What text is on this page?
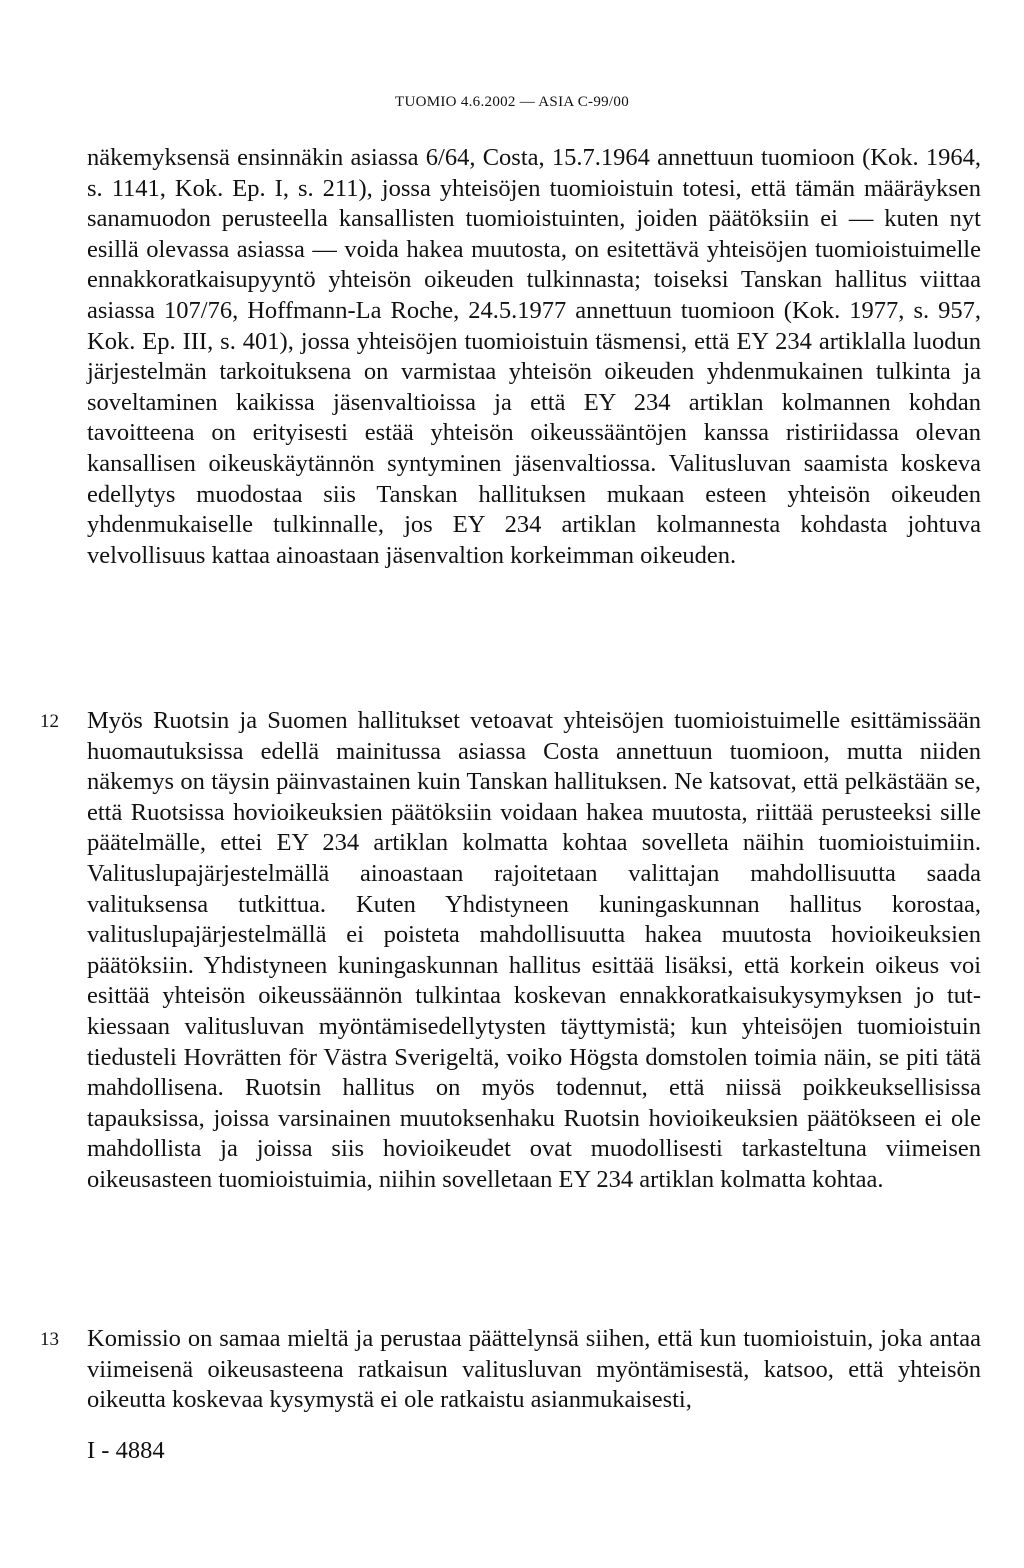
TUOMIO 4.6.2002 — ASIA C-99/00

näkemyksensä ensinnäkin asiassa 6/64, Costa, 15.7.1964 annettuun tuomioon (Kok. 1964, s. 1141, Kok. Ep. I, s. 211), jossa yhteisöjen tuomioistuin totesi, että tämän määräyksen sanamuodon perusteella kansallisten tuomioistuinten, joiden päätöksiin ei — kuten nyt esillä olevassa asiassa — voida hakea muutosta, on esitettävä yhteisöjen tuomioistuimelle ennakkoratkaisupyyntö yhteisön oikeuden tulkinnasta; toiseksi Tanskan hallitus viittaa asiassa 107/76, Hoffmann-La Roche, 24.5.1977 annettuun tuomioon (Kok. 1977, s. 957, Kok. Ep. III, s. 401), jossa yhteisöjen tuomioistuin täsmensi, että EY 234 artiklalla luodun järjestelmän tarkoituksena on varmistaa yhteisön oikeuden yhdenmukainen tulkinta ja soveltaminen kaikissa jäsenvaltioissa ja että EY 234 artiklan kolmannen kohdan tavoitteena on erityisesti estää yhteisön oikeussääntöjen kanssa ristiriidassa olevan kansallisen oikeuskäytännön syntyminen jäsenvaltiossa. Valitusluvan saamista koskeva edellytys muodostaa siis Tanskan hallituksen mukaan esteen yhteisön oikeuden yhdenmukaiselle tulkinnalle, jos EY 234 artiklan kolmannesta kohdasta johtuva velvollisuus kattaa ainoastaan jäsenvaltion korkeimman oikeuden.

12 Myös Ruotsin ja Suomen hallitukset vetoavat yhteisöjen tuomioistuimelle esittämissään huomautuksissa edellä mainitussa asiassa Costa annettuun tuomioon, mutta niiden näkemys on täysin päinvastainen kuin Tanskan hallituksen. Ne katsovat, että pelkästään se, että Ruotsissa hovioikeuksien päätöksiin voidaan hakea muutosta, riittää perusteeksi sille päätelmälle, ettei EY 234 artiklan kolmatta kohtaa sovelleta näihin tuomioistuimiin. Valituslupajärjestelmällä ainoastaan rajoitetaan valittajan mahdollisuutta saada valituksensa tutkittua. Kuten Yhdistyneen kuningaskunnan hallitus korostaa, valituslupajärjestelmällä ei poisteta mahdollisuutta hakea muutosta hovioikeuksien päätöksiin. Yhdistyneen kuningaskunnan hallitus esittää lisäksi, että korkein oikeus voi esittää yhteisön oikeussäännön tulkintaa koskevan ennakkoratkaisukysymyksen jo tutkiessaan valitusluvan myöntämisedellytysten täyttymistä; kun yhteisöjen tuomioistuin tiedusteli Hovrätten för Västra Sverigeltä, voiko Högsta domstolen toimia näin, se piti tätä mahdollisena. Ruotsin hallitus on myös todennut, että niissä poikkeuksellisissa tapauksissa, joissa varsinainen muutoksenhaku Ruotsin hovioikeuksien päätökseen ei ole mahdollista ja joissa siis hovioikeudet ovat muodollisesti tarkasteltuna viimeisen oikeusasteen tuomioistuimia, niihin sovelletaan EY 234 artiklan kolmatta kohtaa.

13 Komissio on samaa mieltä ja perustaa päättelynsä siihen, että kun tuomioistuin, joka antaa viimeisenä oikeusasteena ratkaisun valitusluvan myöntämisestä, katsoo, että yhteisön oikeutta koskevaa kysymystä ei ole ratkaistu asianmukaisesti,

I - 4884
